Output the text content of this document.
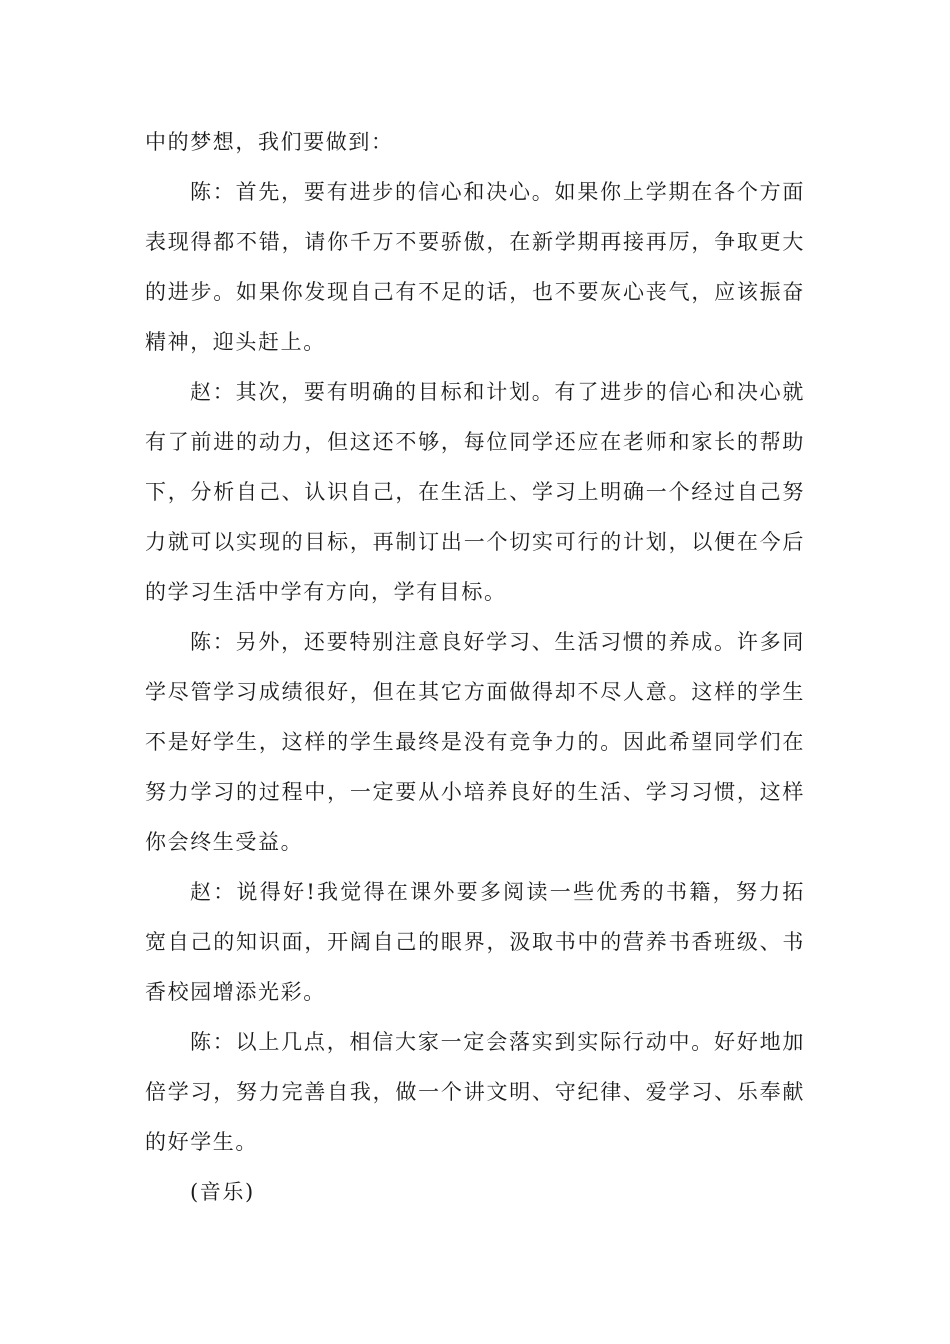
中的梦想，我们要做到：

陈：首先，要有进步的信心和决心。如果你上学期在各个方面表现得都不错，请你千万不要骄傲，在新学期再接再厉，争取更大的进步。如果你发现自己有不足的话，也不要灰心丧气，应该振奋精神，迎头赶上。

赵：其次，要有明确的目标和计划。有了进步的信心和决心就有了前进的动力，但这还不够，每位同学还应在老师和家长的帮助下，分析自己、认识自己，在生活上、学习上明确一个经过自己努力就可以实现的目标，再制订出一个切实可行的计划，以便在今后的学习生活中学有方向，学有目标。

陈：另外，还要特别注意良好学习、生活习惯的养成。许多同学尽管学习成绩很好，但在其它方面做得却不尽人意。这样的学生不是好学生，这样的学生最终是没有竞争力的。因此希望同学们在努力学习的过程中，一定要从小培养良好的生活、学习习惯，这样你会终生受益。

赵：说得好!我觉得在课外要多阅读一些优秀的书籍，努力拓宽自己的知识面，开阔自己的眼界，汲取书中的营养书香班级、书香校园增添光彩。

陈：以上几点，相信大家一定会落实到实际行动中。好好地加倍学习，努力完善自我，做一个讲文明、守纪律、爱学习、乐奉献的好学生。

(音乐)
